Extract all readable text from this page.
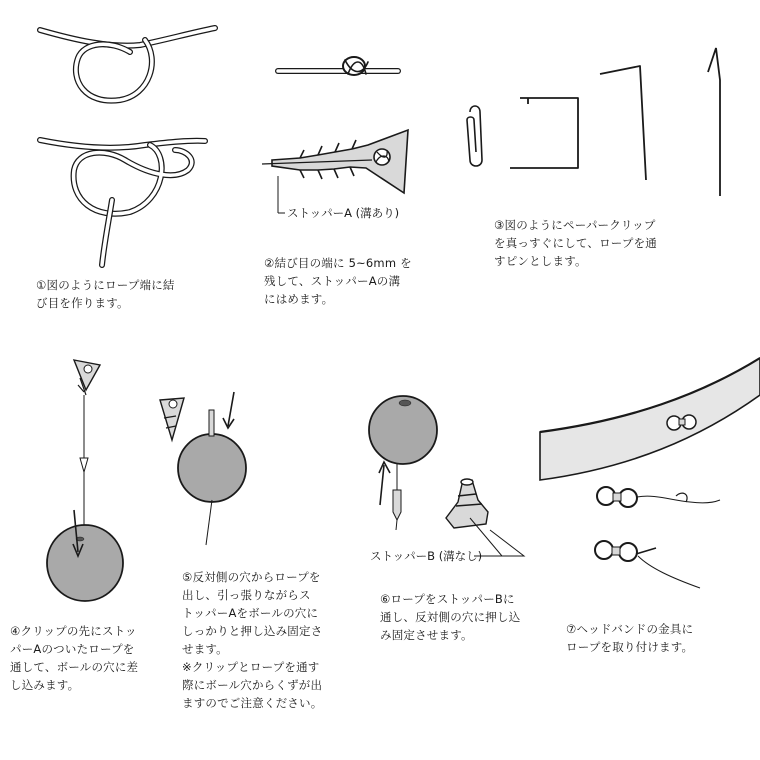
ストッパーA (溝あり)
ストッパーB (溝なし)

①図のようにロープ端に結
び目を作ります。

②結び目の端に 5~6mm を
残して、ストッパーAの溝
にはめます。

③図のようにペーパークリップ
を真っすぐにして、ロープを通
すピンとします。

④クリップの先にストッ
パーAのついたロープを
通して、ボールの穴に差
し込みます。

⑤反対側の穴からロープを
出し、引っ張りながらス
トッパーAをボールの穴に
しっかりと押し込み固定さ
せます。
※クリップとロープを通す
際にボール穴からくずが出
ますのでご注意ください。

⑥ロープをストッパーBに
通し、反対側の穴に押し込
み固定させます。	⑦ヘッドバンドの金具に
ロープを取り付けます。
